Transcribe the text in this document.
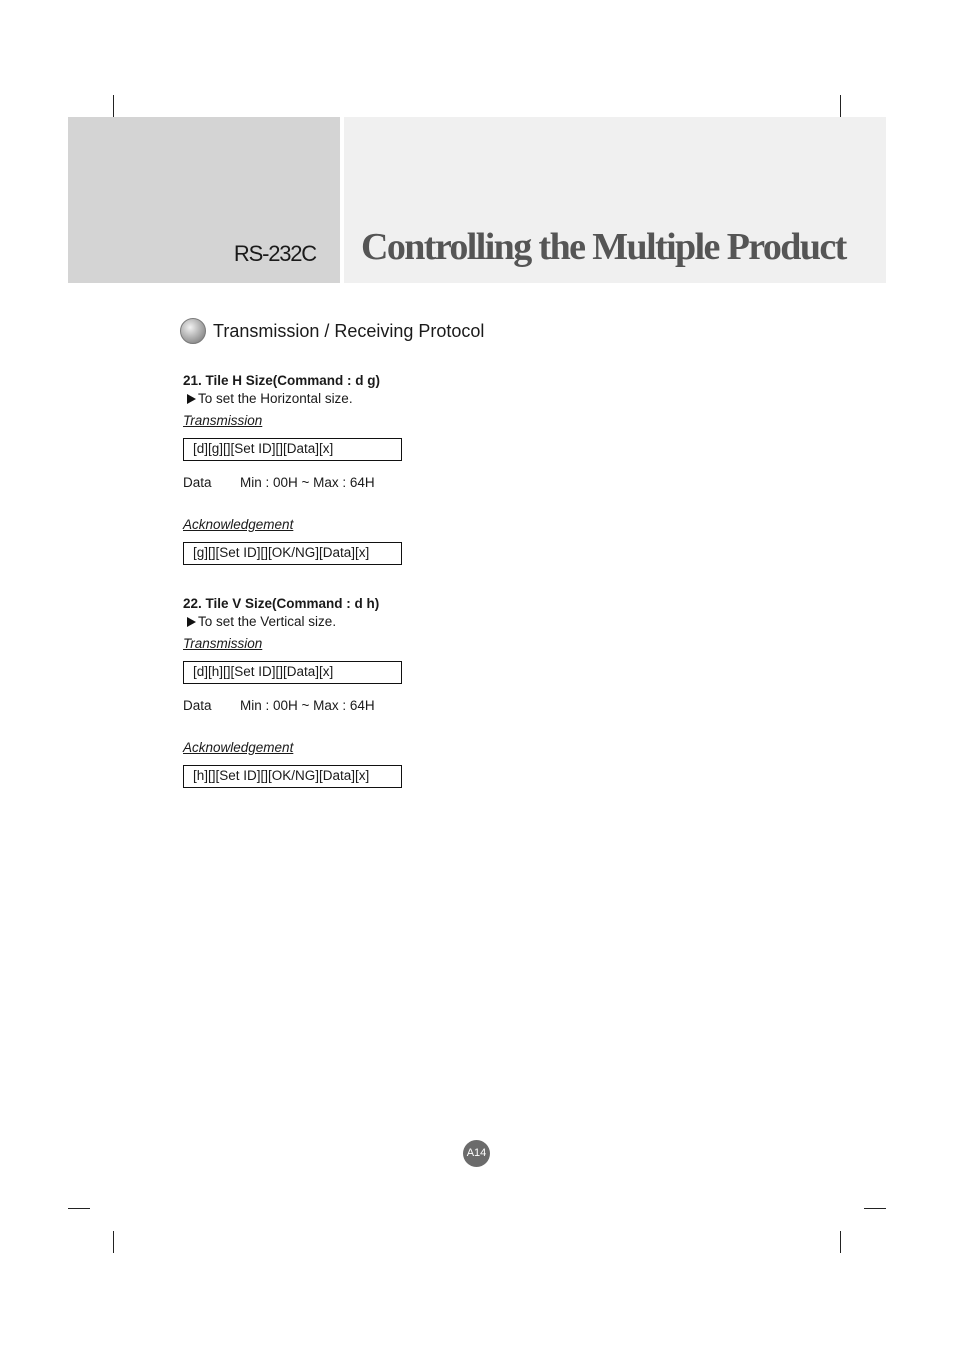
RS-232C Controlling the Multiple Product
Transmission / Receiving Protocol

21. Tile H Size(Command : d g)

To set the Horizontal size.

Transmission

[d][g][][Set ID][][Data][x]
Data	Min : 00H ~ Max : 64H

Acknowledgement

[g][][Set ID][][OK/NG][Data][x]

22. Tile V Size(Command : d h)

To set the Vertical size.

Transmission

[d][h][][Set ID][][Data][x]
Data	Min : 00H ~ Max : 64H

Acknowledgement

[h][][Set ID][][OK/NG][Data][x]
A14
